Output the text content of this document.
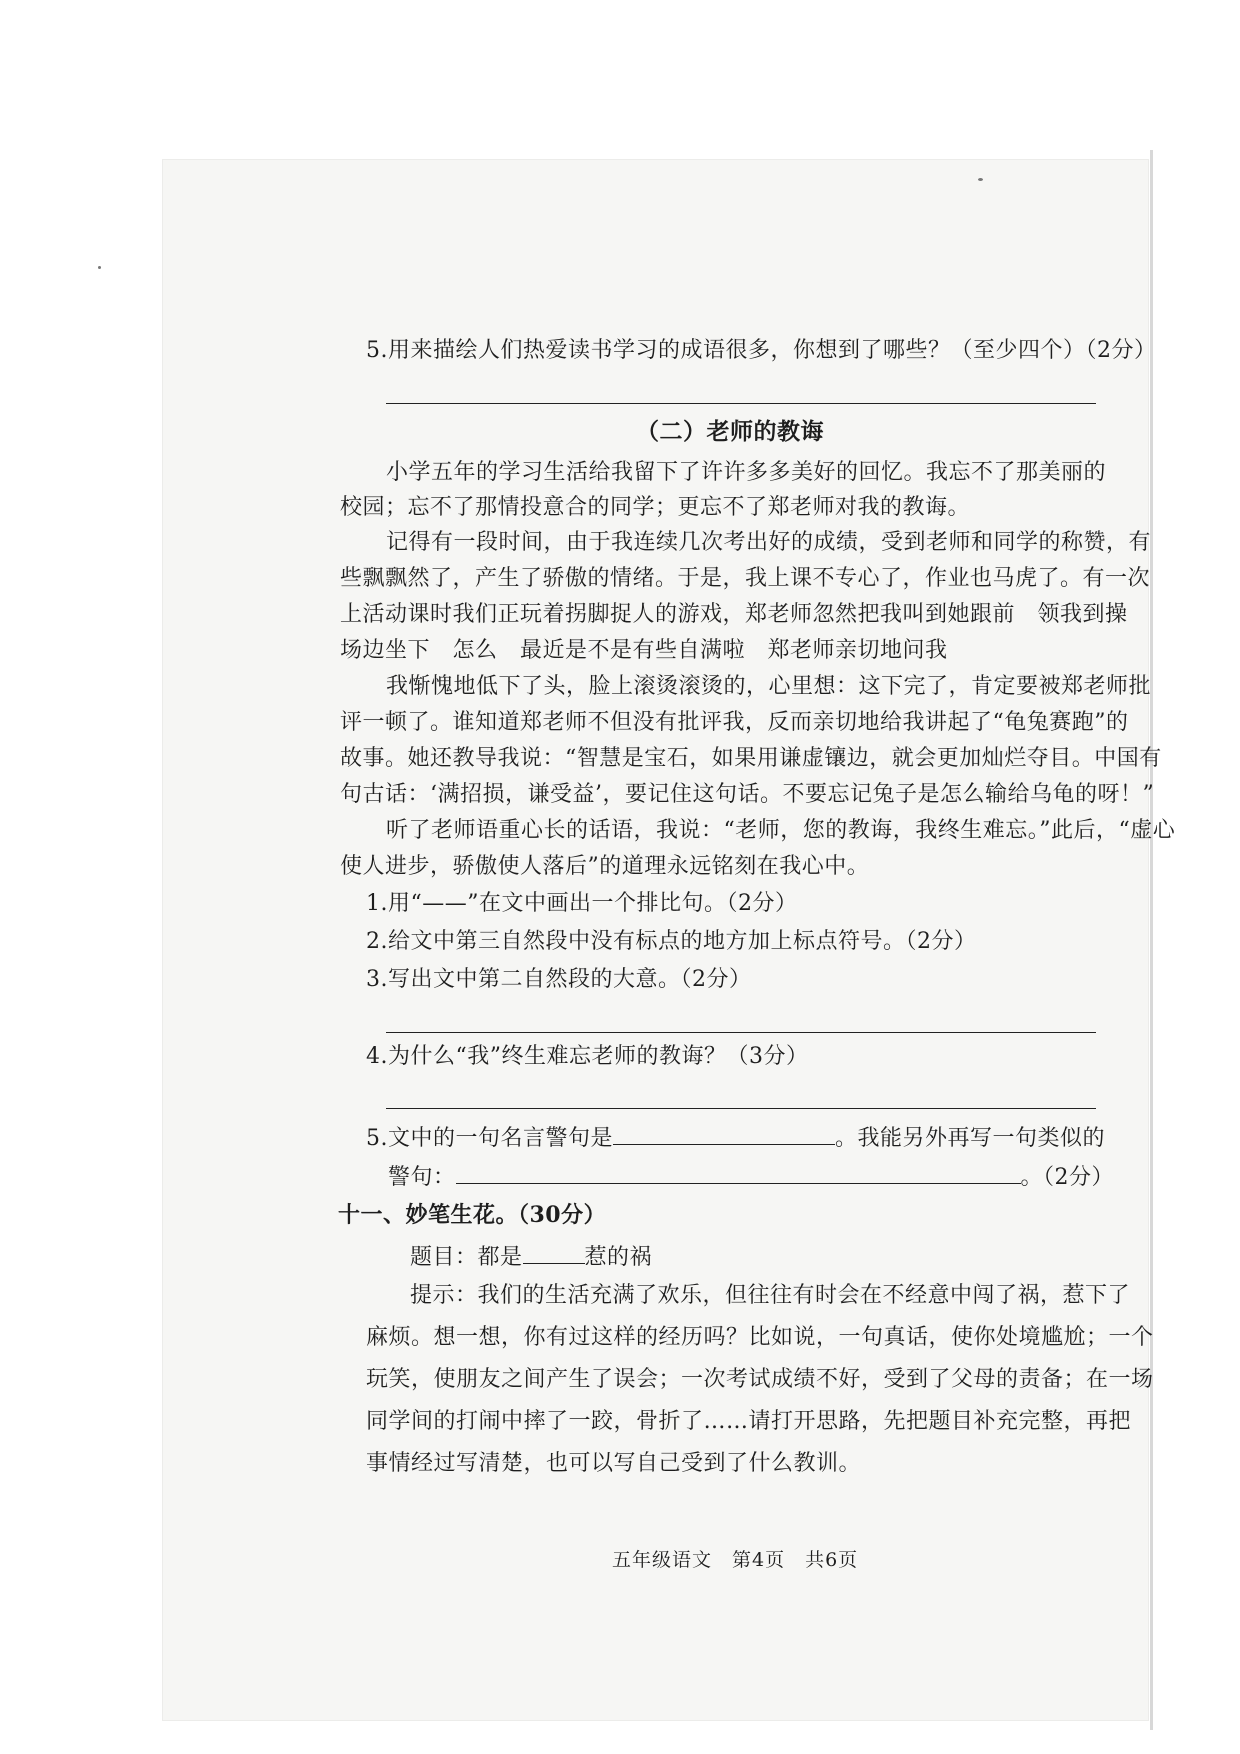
5.用来描绘人们热爱读书学习的成语很多，你想到了哪些？（至少四个）（2分）
（二）老师的教诲
小学五年的学习生活给我留下了许许多多美好的回忆。我忘不了那美丽的
校园；忘不了那情投意合的同学；更忘不了郑老师对我的教诲。
记得有一段时间，由于我连续几次考出好的成绩，受到老师和同学的称赞，有
些飘飘然了，产生了骄傲的情绪。于是，我上课不专心了，作业也马虎了。有一次
上活动课时我们正玩着拐脚捉人的游戏，郑老师忽然把我叫到她跟前　领我到操
场边坐下　怎么　最近是不是有些自满啦　郑老师亲切地问我
我惭愧地低下了头，脸上滚烫滚烫的，心里想：这下完了，肯定要被郑老师批
评一顿了。谁知道郑老师不但没有批评我，反而亲切地给我讲起了“龟兔赛跑”的
故事。她还教导我说：“智慧是宝石，如果用谦虚镶边，就会更加灿烂夺目。中国有
句古话：‘满招损，谦受益’，要记住这句话。不要忘记兔子是怎么输给乌龟的呀！”
听了老师语重心长的话语，我说：“老师，您的教诲，我终生难忘。”此后，“虚心
使人进步，骄傲使人落后”的道理永远铭刻在我心中。
1.用“——”在文中画出一个排比句。（2分）
2.给文中第三自然段中没有标点的地方加上标点符号。（2分）
3.写出文中第二自然段的大意。（2分）
4.为什么“我”终生难忘老师的教诲？（3分）
5.文中的一句名言警句是	。我能另外再写一句类似的
警句：	。（2分）
十一、妙笔生花。（30分）
题目：都是	惹的祸
提示：我们的生活充满了欢乐，但往往有时会在不经意中闯了祸，惹下了
麻烦。想一想，你有过这样的经历吗？比如说，一句真话，使你处境尴尬；一个
玩笑，使朋友之间产生了误会；一次考试成绩不好，受到了父母的责备；在一场
同学间的打闹中摔了一跤，骨折了……请打开思路，先把题目补充完整，再把
事情经过写清楚，也可以写自己受到了什么教训。
五年级语文　第4页　共6页
